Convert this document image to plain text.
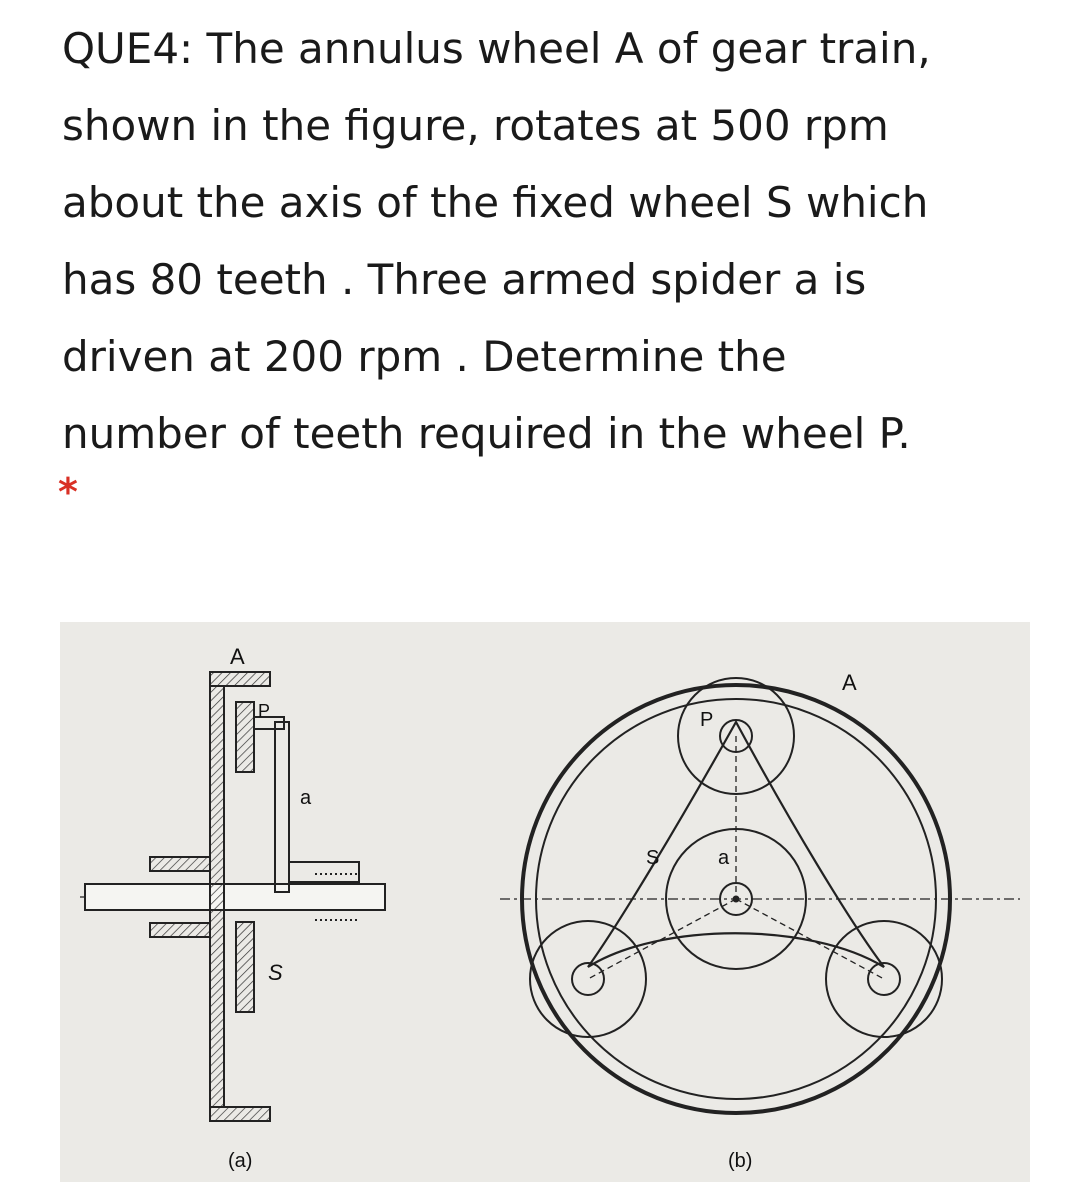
QUE4: The annulus wheel A of gear train,
shown in the figure, rotates at 500 rpm
about the axis of the fixed wheel S which
has 80 teeth . Three armed spider a is
driven at 200 rpm . Determine the
number of teeth required in the wheel P.
*
A
P
a
S
(a)
A
P
S	a
(b)
